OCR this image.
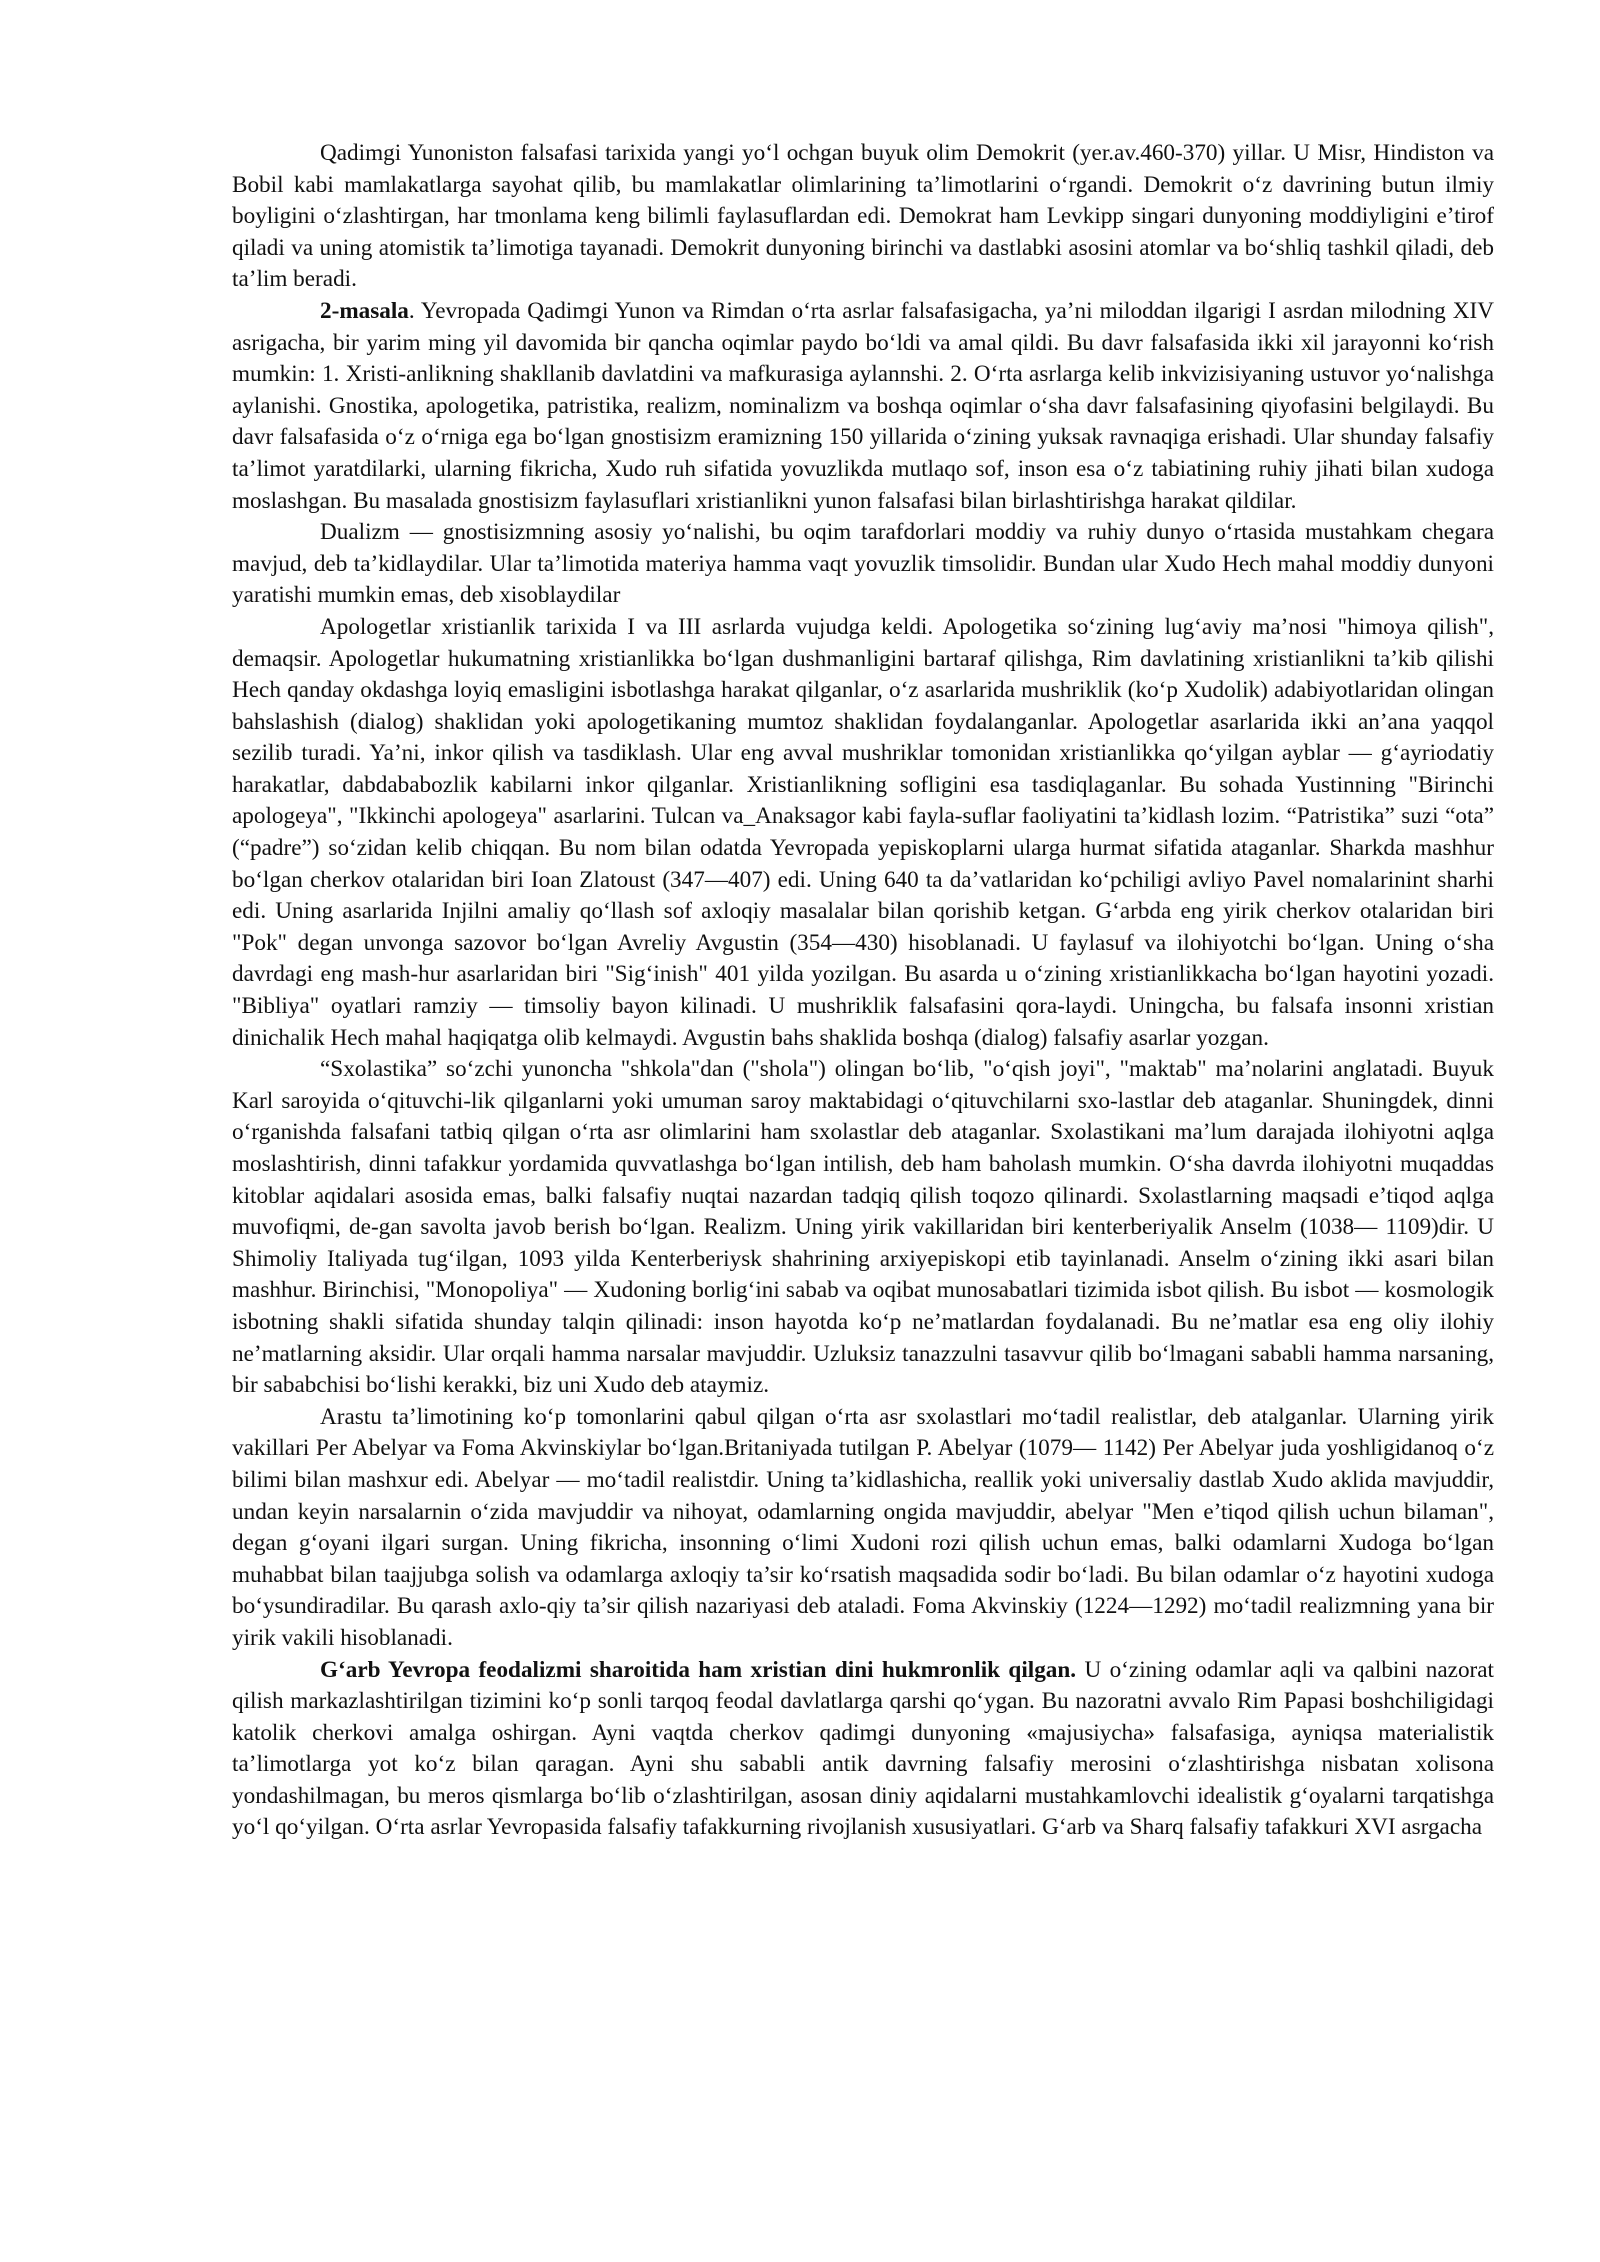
Qadimgi Yunoniston falsafasi tarixida yangi yo‘l ochgan buyuk olim Demokrit (yer.av.460-370) yillar. U Misr, Hindiston va Bobil kabi mamlakatlarga sayohat qilib, bu mamlakatlar olimlarining ta’limotlarini o‘rgandi. Demokrit o‘z davrining butun ilmiy boyligini o‘zlashtirgan, har tmonlama keng bilimli faylasuflardan edi. Demokrat ham Levkipp singari dunyoning moddiyligini e’tirof qiladi va uning atomistik ta’limotiga tayanadi. Demokrit dunyoning birinchi va dastlabki asosini atomlar va bo‘shliq tashkil qiladi, deb ta’lim beradi.

2-masala. Yevropada Qadimgi Yunon va Rimdan o‘rta asrlar falsafasigacha, ya’ni miloddan ilgarigi I asrdan milodning XIV asrigacha, bir yarim ming yil davomida bir qancha oqimlar paydo bo‘ldi va amal qildi. Bu davr falsafasida ikki xil jarayonni ko‘rish mumkin: 1. Xristi-anlikning shakllanib davlatdini va mafkurasiga aylannshi. 2. O‘rta asrlarga kelib inkvizisiyaning ustuvor yo‘nalishga aylanishi. Gnostika, apologetika, patristika, realizm, nominalizm va boshqa oqimlar o‘sha davr falsafasining qiyofasini belgilaydi. Bu davr falsafasida o‘z o‘rniga ega bo‘lgan gnostisizm eramizning 150 yillarida o‘zining yuksak ravnaqiga erishadi. Ular shunday falsafiy ta’limot yaratdilarki, ularning fikricha, Xudo ruh sifatida yovuzlikda mutlaqo sof, inson esa o‘z tabiatining ruhiy jihati bilan xudoga moslashgan. Bu masalada gnostisizm faylasuflari xristianlikni yunon falsafasi bilan birlashtirishga harakat qildilar.

Dualizm — gnostisizmning asosiy yo‘nalishi, bu oqim tarafdorlari moddiy va ruhiy dunyo o‘rtasida mustahkam chegara mavjud, deb ta’kidlaydilar. Ular ta’limotida materiya hamma vaqt yovuzlik timsolidir. Bundan ular Xudo Hech mahal moddiy dunyoni yaratishi mumkin emas, deb xisoblaydilar

Apologetlar xristianlik tarixida I va III asrlarda vujudga keldi. Apologetika so‘zining lug‘aviy ma’nosi "himoya qilish", demaqsir. Apologetlar hukumatning xristianlikka bo‘lgan dushmanligini bartaraf qilishga, Rim davlatining xristianlikni ta’kib qilishi Hech qanday okdashga loyiq emasligini isbotlashga harakat qilganlar, o‘z asarlarida mushriklik (ko‘p Xudolik) adabiyotlaridan olingan bahslashish (dialog) shaklidan yoki apologetikaning mumtoz shaklidan foydalanganlar. Apologetlar asarlarida ikki an’ana yaqqol sezilib turadi. Ya’ni, inkor qilish va tasdiklash. Ular eng avval mushriklar tomonidan xristianlikka qo‘yilgan ayblar — g‘ayriodatiy harakatlar, dabdababozlik kabilarni inkor qilganlar. Xristianlikning sofligini esa tasdiqlaganlar. Bu sohada Yustinning "Birinchi apologeya", "Ikkinchi apologeya" asarlarini. Tulcan va_Anaksagor kabi fayla-suflar faoliyatini ta’kidlash lozim. “Patristika” suzi “ota” (“padre”) so‘zidan kelib chiqqan. Bu nom bilan odatda Yevropada yepiskoplarni ularga hurmat sifatida ataganlar. Sharkda mashhur bo‘lgan cherkov otalaridan biri Ioan Zlatoust (347—407) edi. Uning 640 ta da’vatlaridan ko‘pchiligi avliyo Pavel nomalarinint sharhi edi. Uning asarlarida Injilni amaliy qo‘llash sof axloqiy masalalar bilan qorishib ketgan. G‘arbda eng yirik cherkov otalaridan biri "Pok" degan unvonga sazovor bo‘lgan Avreliy Avgustin (354—430) hisoblanadi. U faylasuf va ilohiyotchi bo‘lgan. Uning o‘sha davrdagi eng mash-hur asarlaridan biri "Sig‘inish" 401 yilda yozilgan. Bu asarda u o‘zining xristianlikkacha bo‘lgan hayotini yozadi. "Bibliya" oyatlari ramziy — timsoliy bayon kilinadi. U mushriklik falsafasini qora-laydi. Uningcha, bu falsafa insonni xristian dinichalik Hech mahal haqiqatga olib kelmaydi. Avgustin bahs shaklida boshqa (dialog) falsafiy asarlar yozgan.

“Sxolastika” so‘zchi yunoncha "shkola"dan ("shola") olingan bo‘lib, "o‘qish joyi", "maktab" ma’nolarini anglatadi. Buyuk Karl saroyida o‘qituvchi-lik qilganlarni yoki umuman saroy maktabidagi o‘qituvchilarni sxo-lastlar deb ataganlar. Shuningdek, dinni o‘rganishda falsafani tatbiq qilgan o‘rta asr olimlarini ham sxolastlar deb ataganlar. Sxolastikani ma’lum darajada ilohiyotni aqlga moslashtirish, dinni tafakkur yordamida quvvatlashga bo‘lgan intilish, deb ham baholash mumkin. O‘sha davrda ilohiyotni muqaddas kitoblar aqidalari asosida emas, balki falsafiy nuqtai nazardan tadqiq qilish toqozo qilinardi. Sxolastlarning maqsadi e’tiqod aqlga muvofiqmi, de-gan savolta javob berish bo‘lgan. Realizm. Uning yirik vakillaridan biri kenterberiyalik Anselm (1038— 1109)dir. U Shimoliy Italiyada tug‘ilgan, 1093 yilda Kenterberiysk shahrining arxiyepiskopi etib tayinlanadi. Anselm o‘zining ikki asari bilan mashhur. Birinchisi, "Monopoliya" — Xudoning borlig‘ini sabab va oqibat munosabatlari tizimida isbot qilish. Bu isbot — kosmologik isbotning shakli sifatida shunday talqin qilinadi: inson hayotda ko‘p ne’matlardan foydalanadi. Bu ne’matlar esa eng oliy ilohiy ne’matlarning aksidir. Ular orqali hamma narsalar mavjuddir. Uzluksiz tanazzulni tasavvur qilib bo‘lmagani sababli hamma narsaning, bir sababchisi bo‘lishi kerakki, biz uni Xudo deb ataymiz.

Arastu ta’limotining ko‘p tomonlarini qabul qilgan o‘rta asr sxolastlari mo‘tadil realistlar, deb atalganlar. Ularning yirik vakillari Per Abelyar va Foma Akvinskiylar bo‘lgan.Britaniyada tutilgan P. Abelyar (1079— 1142) Per Abelyar juda yoshligidanoq o‘z bilimi bilan mashxur edi. Abelyar — mo‘tadil realistdir. Uning ta’kidlashicha, reallik yoki universaliy dastlab Xudo aklida mavjuddir, undan keyin narsalarnin o‘zida mavjuddir va nihoyat, odamlarning ongida mavjuddir, abelyar "Men e’tiqod qilish uchun bilaman", degan g‘oyani ilgari surgan. Uning fikricha, insonning o‘limi Xudoni rozi qilish uchun emas, balki odamlarni Xudoga bo‘lgan muhabbat bilan taajjubga solish va odamlarga axloqiy ta’sir ko‘rsatish maqsadida sodir bo‘ladi. Bu bilan odamlar o‘z hayotini xudoga bo‘ysundiradilar. Bu qarash axlo-qiy ta’sir qilish nazariyasi deb ataladi. Foma Akvinskiy (1224—1292) mo‘tadil realizmning yana bir yirik vakili hisoblanadi.

G‘arb Yevropa feodalizmi sharoitida ham xristian dini hukmronlik qilgan. U o‘zining odamlar aqli va qalbini nazorat qilish markazlashtirilgan tizimini ko‘p sonli tarqoq feodal davlatlarga qarshi qo‘ygan. Bu nazoratni avvalo Rim Papasi boshchiligidagi katolik cherkovi amalga oshirgan. Ayni vaqtda cherkov qadimgi dunyoning «majusiycha» falsafasiga, ayniqsa materialistik ta’limotlarga yot ko‘z bilan qaragan. Ayni shu sababli antik davrning falsafiy merosini o‘zlashtirishga nisbatan xolisona yondashilmagan, bu meros qismlarga bo‘lib o‘zlashtirilgan, asosan diniy aqidalarni mustahkamlovchi idealistik g‘oyalarni tarqatishga yo‘l qo‘yilgan. O‘rta asrlar Yevropasida falsafiy tafakkurning rivojlanish xususiyatlari. G‘arb va Sharq falsafiy tafakkuri XVI asrgacha
